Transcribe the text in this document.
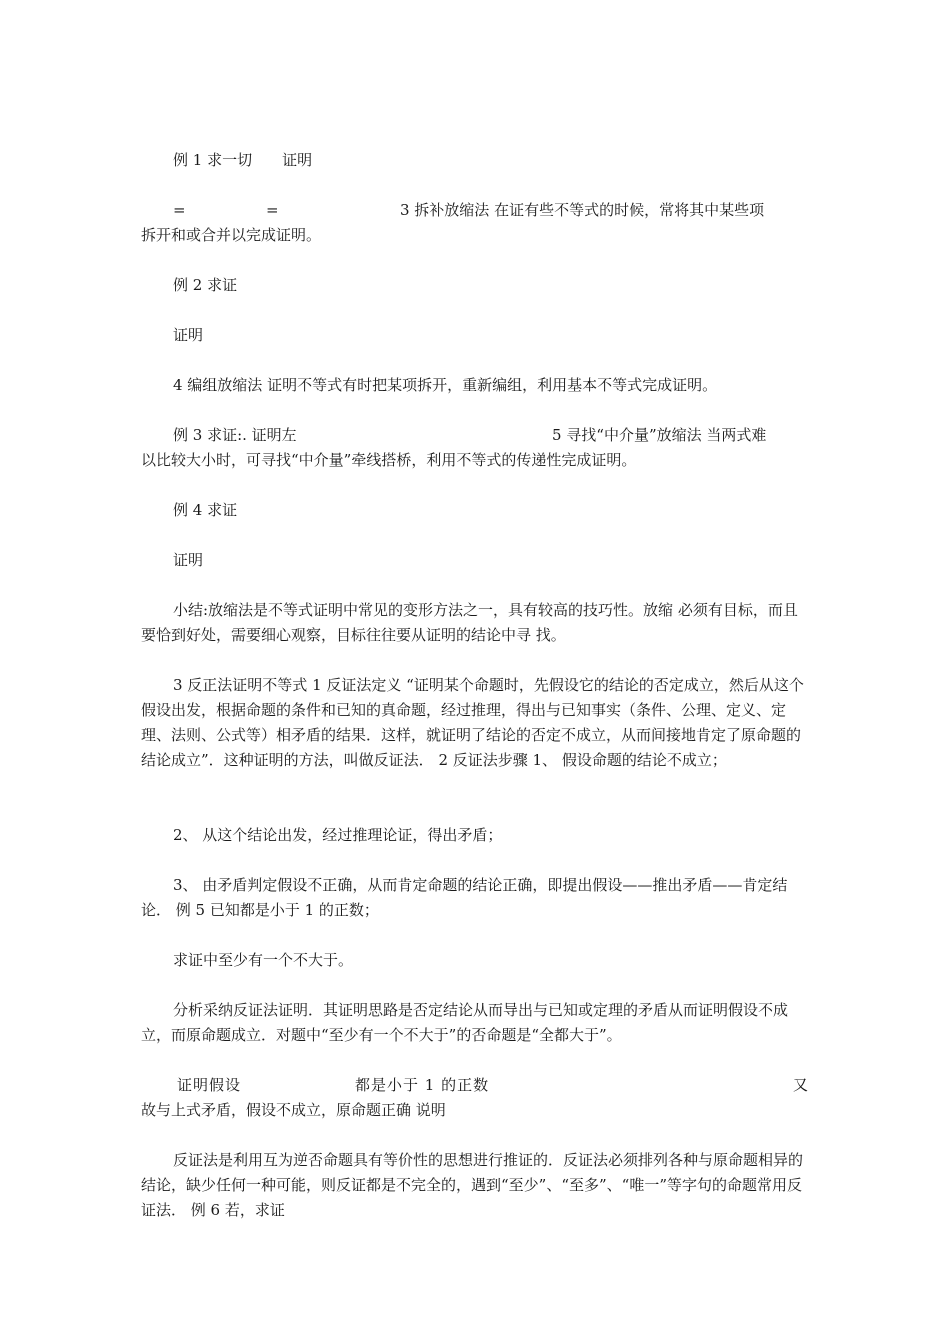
例 1 求一切　　证明

=	=	3 拆补放缩法 在证有些不等式的时候，常将其中某些项

拆开和或合并以完成证明。

例 2 求证

证明

4 编组放缩法 证明不等式有时把某项拆开，重新编组，利用基本不等式完成证明。

例 3 求证:. 证明左	5 寻找“中介量”放缩法 当两式难

以比较大小时，可寻找“中介量”牵线搭桥，利用不等式的传递性完成证明。

例 4 求证

证明

小结:放缩法是不等式证明中常见的变形方法之一，具有较高的技巧性。放缩 必须有目标，而且要恰到好处，需要细心观察，目标往往要从证明的结论中寻 找。

3 反正法证明不等式 1 反证法定义 “证明某个命题时，先假设它的结论的否定成立，然后从这个假设出发，根据命题的条件和已知的真命题，经过推理，得出与已知事实（条件、公理、定义、定理、法则、公式等）相矛盾的结果．这样，就证明了结论的否定不成立，从而间接地肯定了原命题的结论成立”．这种证明的方法，叫做反证法． 2 反证法步骤 1、 假设命题的结论不成立；

2、 从这个结论出发，经过推理论证，得出矛盾；

3、 由矛盾判定假设不正确，从而肯定命题的结论正确，即提出假设——推出矛盾——肯定结论． 例 5 已知都是小于 1 的正数；

求证中至少有一个不大于。

分析采纳反证法证明．其证明思路是否定结论从而导出与已知或定理的矛盾从而证明假设不成立，而原命题成立．对题中“至少有一个不大于”的否命题是“全都大于”。

证明假设	都是小于 1 的正数	又

故与上式矛盾，假设不成立，原命题正确 说明

反证法是利用互为逆否命题具有等价性的思想进行推证的．反证法必须排列各种与原命题相异的结论，缺少任何一种可能，则反证都是不完全的，遇到“至少”、“至多”、“唯一”等字句的命题常用反证法． 例 6 若，求证
